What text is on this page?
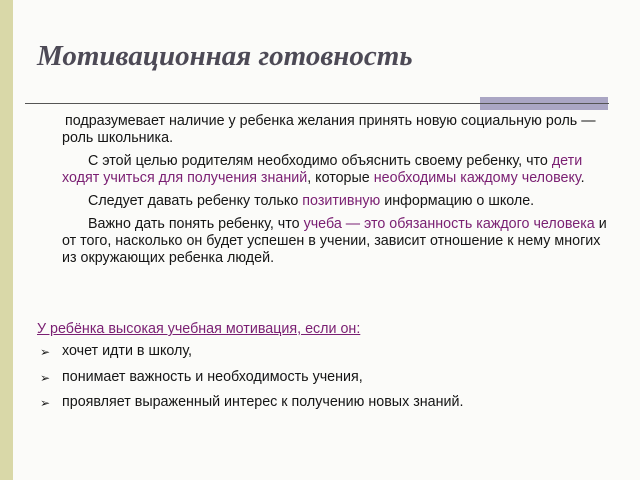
Мотивационная готовность

подразумевает наличие у ребенка желания принять новую социальную роль — роль школьника.

С этой целью родителям необходимо объяснить своему ребенку, что дети ходят учиться для получения знаний, которые необходимы каждому человеку.

Следует давать ребенку только позитивную информацию о школе.

Важно дать понять ребенку, что учеба — это обязанность каждого человека и от того, насколько он будет успешен в учении, зависит отношение к нему многих из окружающих ребенка людей.

У ребёнка высокая учебная мотивация, если он:

➢ хочет идти в школу,
➢ понимает важность и необходимость учения,
➢ проявляет выраженный интерес к получению новых знаний.
